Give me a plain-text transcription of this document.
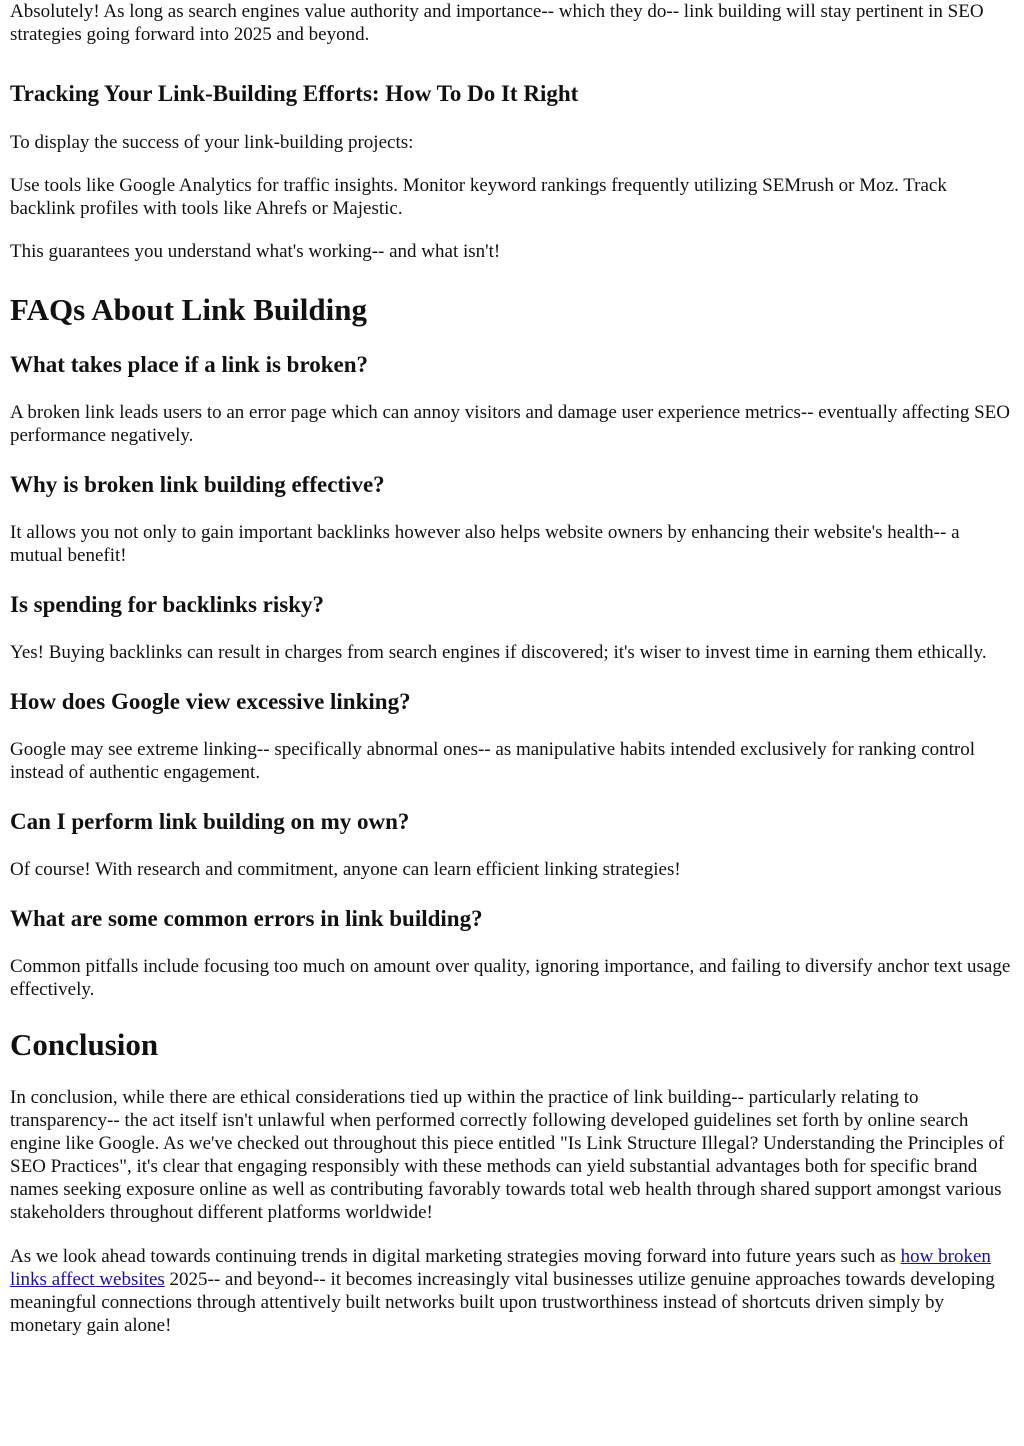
Absolutely! As long as search engines value authority and importance-- which they do-- link building will stay pertinent in SEO strategies going forward into 2025 and beyond.

Tracking Your Link-Building Efforts: How To Do It Right

To display the success of your link-building projects:

Use tools like Google Analytics for traffic insights. Monitor keyword rankings frequently utilizing SEMrush or Moz. Track backlink profiles with tools like Ahrefs or Majestic.

This guarantees you understand what's working-- and what isn't!

FAQs About Link Building
What takes place if a link is broken?

A broken link leads users to an error page which can annoy visitors and damage user experience metrics-- eventually affecting SEO performance negatively.

Why is broken link building effective?

It allows you not only to gain important backlinks however also helps website owners by enhancing their website's health-- a mutual benefit!

Is spending for backlinks risky?

Yes! Buying backlinks can result in charges from search engines if discovered; it's wiser to invest time in earning them ethically.

How does Google view excessive linking?

Google may see extreme linking-- specifically abnormal ones-- as manipulative habits intended exclusively for ranking control instead of authentic engagement.

Can I perform link building on my own?

Of course! With research and commitment, anyone can learn efficient linking strategies!

What are some common errors in link building?

Common pitfalls include focusing too much on amount over quality, ignoring importance, and failing to diversify anchor text usage effectively.

Conclusion

In conclusion, while there are ethical considerations tied up within the practice of link building-- particularly relating to transparency-- the act itself isn't unlawful when performed correctly following developed guidelines set forth by online search engine like Google. As we've checked out throughout this piece entitled "Is Link Structure Illegal? Understanding the Principles of SEO Practices", it's clear that engaging responsibly with these methods can yield substantial advantages both for specific brand names seeking exposure online as well as contributing favorably towards total web health through shared support amongst various stakeholders throughout different platforms worldwide!

As we look ahead towards continuing trends in digital marketing strategies moving forward into future years such as how broken links affect websites 2025-- and beyond-- it becomes increasingly vital businesses utilize genuine approaches towards developing meaningful connections through attentively built networks built upon trustworthiness instead of shortcuts driven simply by monetary gain alone!
